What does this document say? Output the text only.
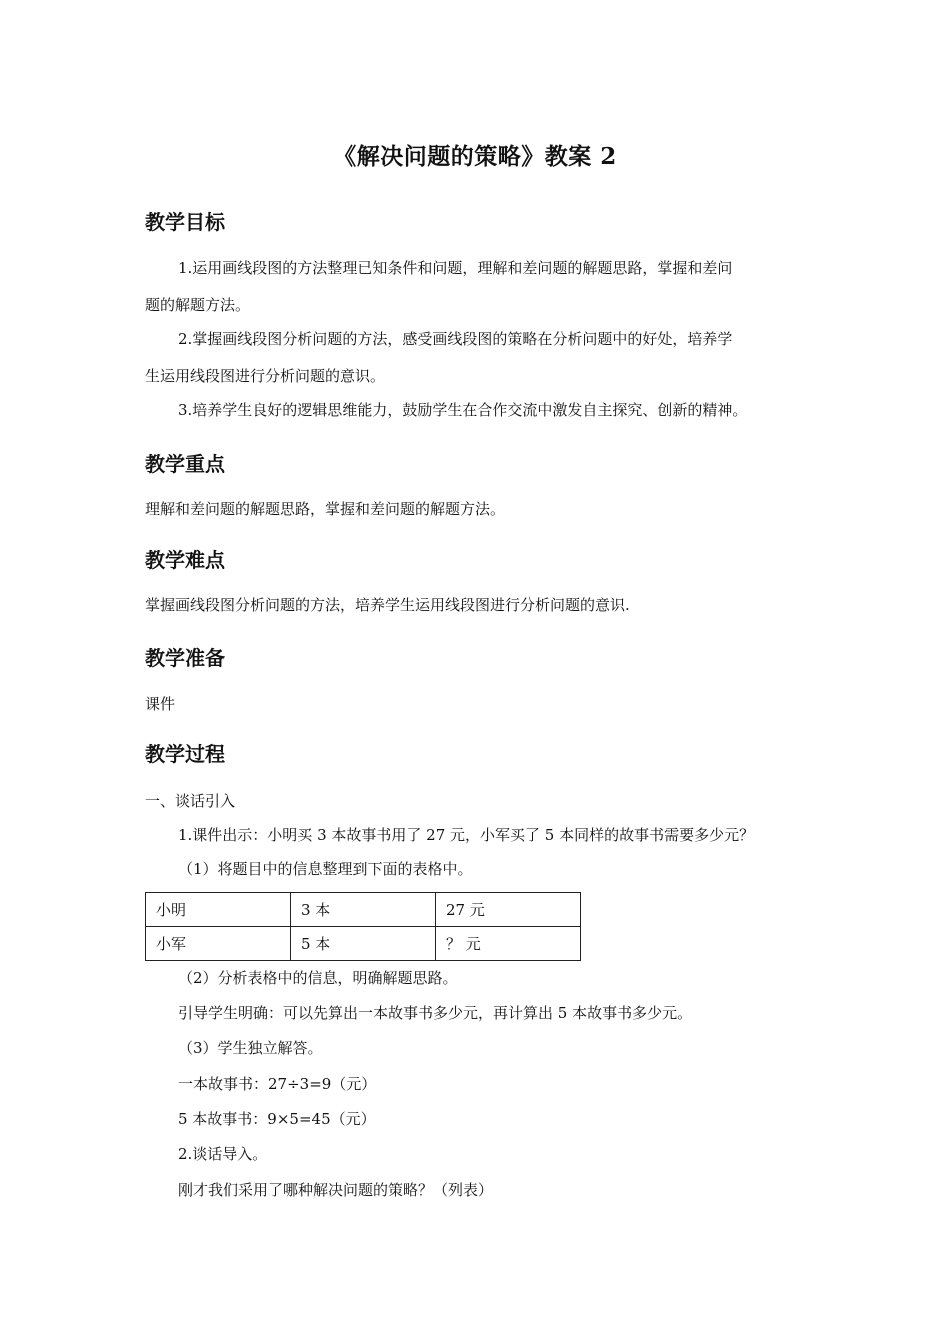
《解决问题的策略》教案 2
教学目标
1.运用画线段图的方法整理已知条件和问题，理解和差问题的解题思路，掌握和差问
题的解题方法。
2.掌握画线段图分析问题的方法，感受画线段图的策略在分析问题中的好处，培养学
生运用线段图进行分析问题的意识。
3.培养学生良好的逻辑思维能力，鼓励学生在合作交流中激发自主探究、创新的精神。
教学重点
理解和差问题的解题思路，掌握和差问题的解题方法。
教学难点
掌握画线段图分析问题的方法，培养学生运用线段图进行分析问题的意识.
教学准备
课件
教学过程
一、谈话引入
1.课件出示：小明买 3 本故事书用了 27 元，小军买了 5 本同样的故事书需要多少元？
（1）将题目中的信息整理到下面的表格中。
小明	3 本	27 元
小军	5 本	？ 元
（2）分析表格中的信息，明确解题思路。
引导学生明确：可以先算出一本故事书多少元，再计算出 5 本故事书多少元。
（3）学生独立解答。
一本故事书：27÷3=9（元）
5 本故事书：9×5=45（元）
2.谈话导入。
刚才我们采用了哪种解决问题的策略？（列表）
